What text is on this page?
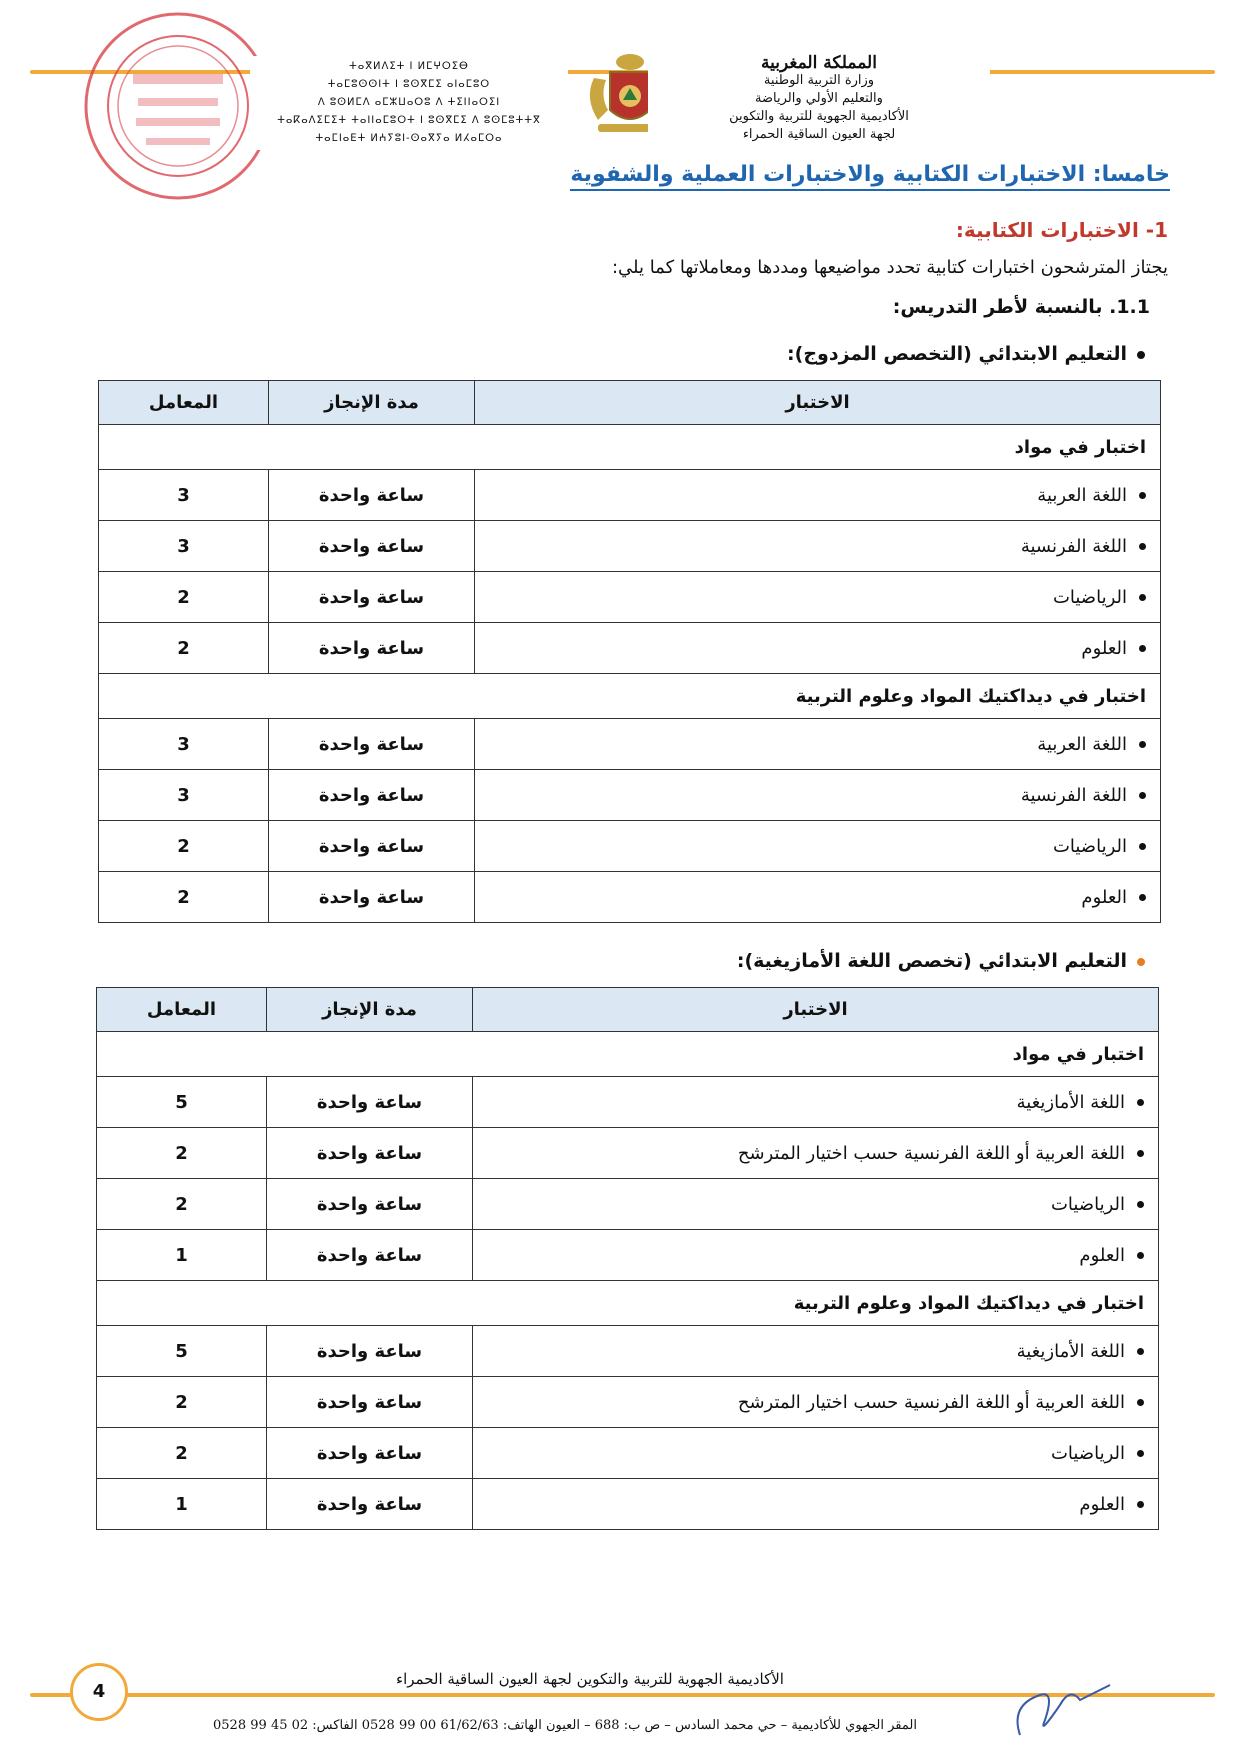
ⵜⴰⴳⵍⴷⵉⵜ ⵏ ⵍⵎⵖⵔⵉⴱ
ⵜⴰⵎⵓⵙⵙⵏⵜ ⵏ ⵓⵙⴳⵎⵉ ⴰⵏⴰⵎⵓⵔ
ⴷ ⵓⵙⵍⵎⴷ ⴰⵎⵣⵡⴰⵔⵓ ⴷ ⵜⵉⵏⵏⴰⵔⵉⵏ
ⵜⴰⴽⴰⴷⵉⵎⵉⵜ ⵜⴰⵏⵏⴰⵎⵓⵔⵜ ⵏ ⵓⵙⴳⵎⵉ ⴷ ⵓⵙⵎⵓⵜⵜⴳ
ⵜⴰⵎⵏⴰⴹⵜ ⵍⵄⵢⵓⵏ-ⵙⴰⴳⵢⴰ ⵍⵃⴰⵎⵔⴰ
المملكة المغربية
وزارة التربية الوطنية
والتعليم الأولي والرياضة
الأكاديمية الجهوية للتربية والتكوين
لجهة العيون الساقية الحمراء
خامسا: الاختبارات الكتابية والاختبارات العملية والشفوية
1- الاختبارات الكتابية:
يجتاز المترشحون اختبارات كتابية تحدد مواضيعها ومددها ومعاملاتها كما يلي:
1.1. بالنسبة لأطر التدريس:
التعليم الابتدائي (التخصص المزدوج):
الاختبار	مدة الإنجاز	المعامل
اختبار في مواد		
اللغة العربية	ساعة واحدة	3
اللغة الفرنسية	ساعة واحدة	3
الرياضيات	ساعة واحدة	2
العلوم	ساعة واحدة	2
اختبار في ديداكتيك المواد وعلوم التربية		
اللغة العربية	ساعة واحدة	3
اللغة الفرنسية	ساعة واحدة	3
الرياضيات	ساعة واحدة	2
العلوم	ساعة واحدة	2
التعليم الابتدائي (تخصص اللغة الأمازيغية):
الاختبار	مدة الإنجاز	المعامل
اختبار في مواد		
اللغة الأمازيغية	ساعة واحدة	5
اللغة العربية أو اللغة الفرنسية حسب اختيار المترشح	ساعة واحدة	2
الرياضيات	ساعة واحدة	2
العلوم	ساعة واحدة	1
اختبار في ديداكتيك المواد وعلوم التربية		
اللغة الأمازيغية	ساعة واحدة	5
اللغة العربية أو اللغة الفرنسية حسب اختيار المترشح	ساعة واحدة	2
الرياضيات	ساعة واحدة	2
العلوم	ساعة واحدة	1
4
الأكاديمية الجهوية للتربية والتكوين لجهة العيون الساقية الحمراء
المقر الجهوي للأكاديمية – حي محمد السادس – ص ب: 688 – العيون الهاتف: 61/62/63 00 99 0528 الفاكس: 02 45 99 0528
